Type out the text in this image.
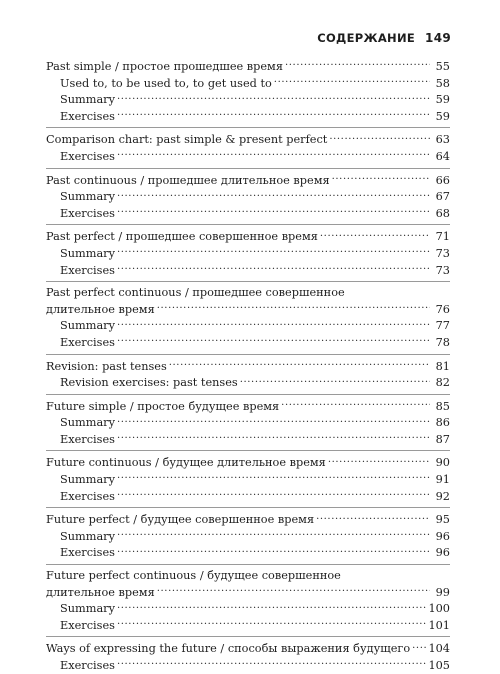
СОДЕРЖАНИЕ 149
Past simple / простое прошедшее время .....	55
Used to, to be used to, to get used to .....	58
Summary .....	59
Exercises .....	59
Comparison chart: past simple & present perfect .....	63
Exercises .....	64
Past continuous / прошедшее длительное время .....	66
Summary .....	67
Exercises .....	68
Past perfect / прошедшее совершенное время .....	71
Summary .....	73
Exercises .....	73
Past perfect continuous / прошедшее совершенное
длительное время .....	76
Summary .....	77
Exercises .....	78
Revision: past tenses .....	81
Revision exercises: past tenses .....	82
Future simple / простое будущее время .....	85
Summary .....	86
Exercises .....	87
Future continuous / будущее длительное время .....	90
Summary .....	91
Exercises .....	92
Future perfect / будущее совершенное время .....	95
Summary .....	96
Exercises .....	96
Future perfect continuous / будущее совершенное
длительное время .....	99
Summary .....	100
Exercises .....	101
Ways of expressing the future / способы выражения будущего ..... 104
Exercises .....	105
